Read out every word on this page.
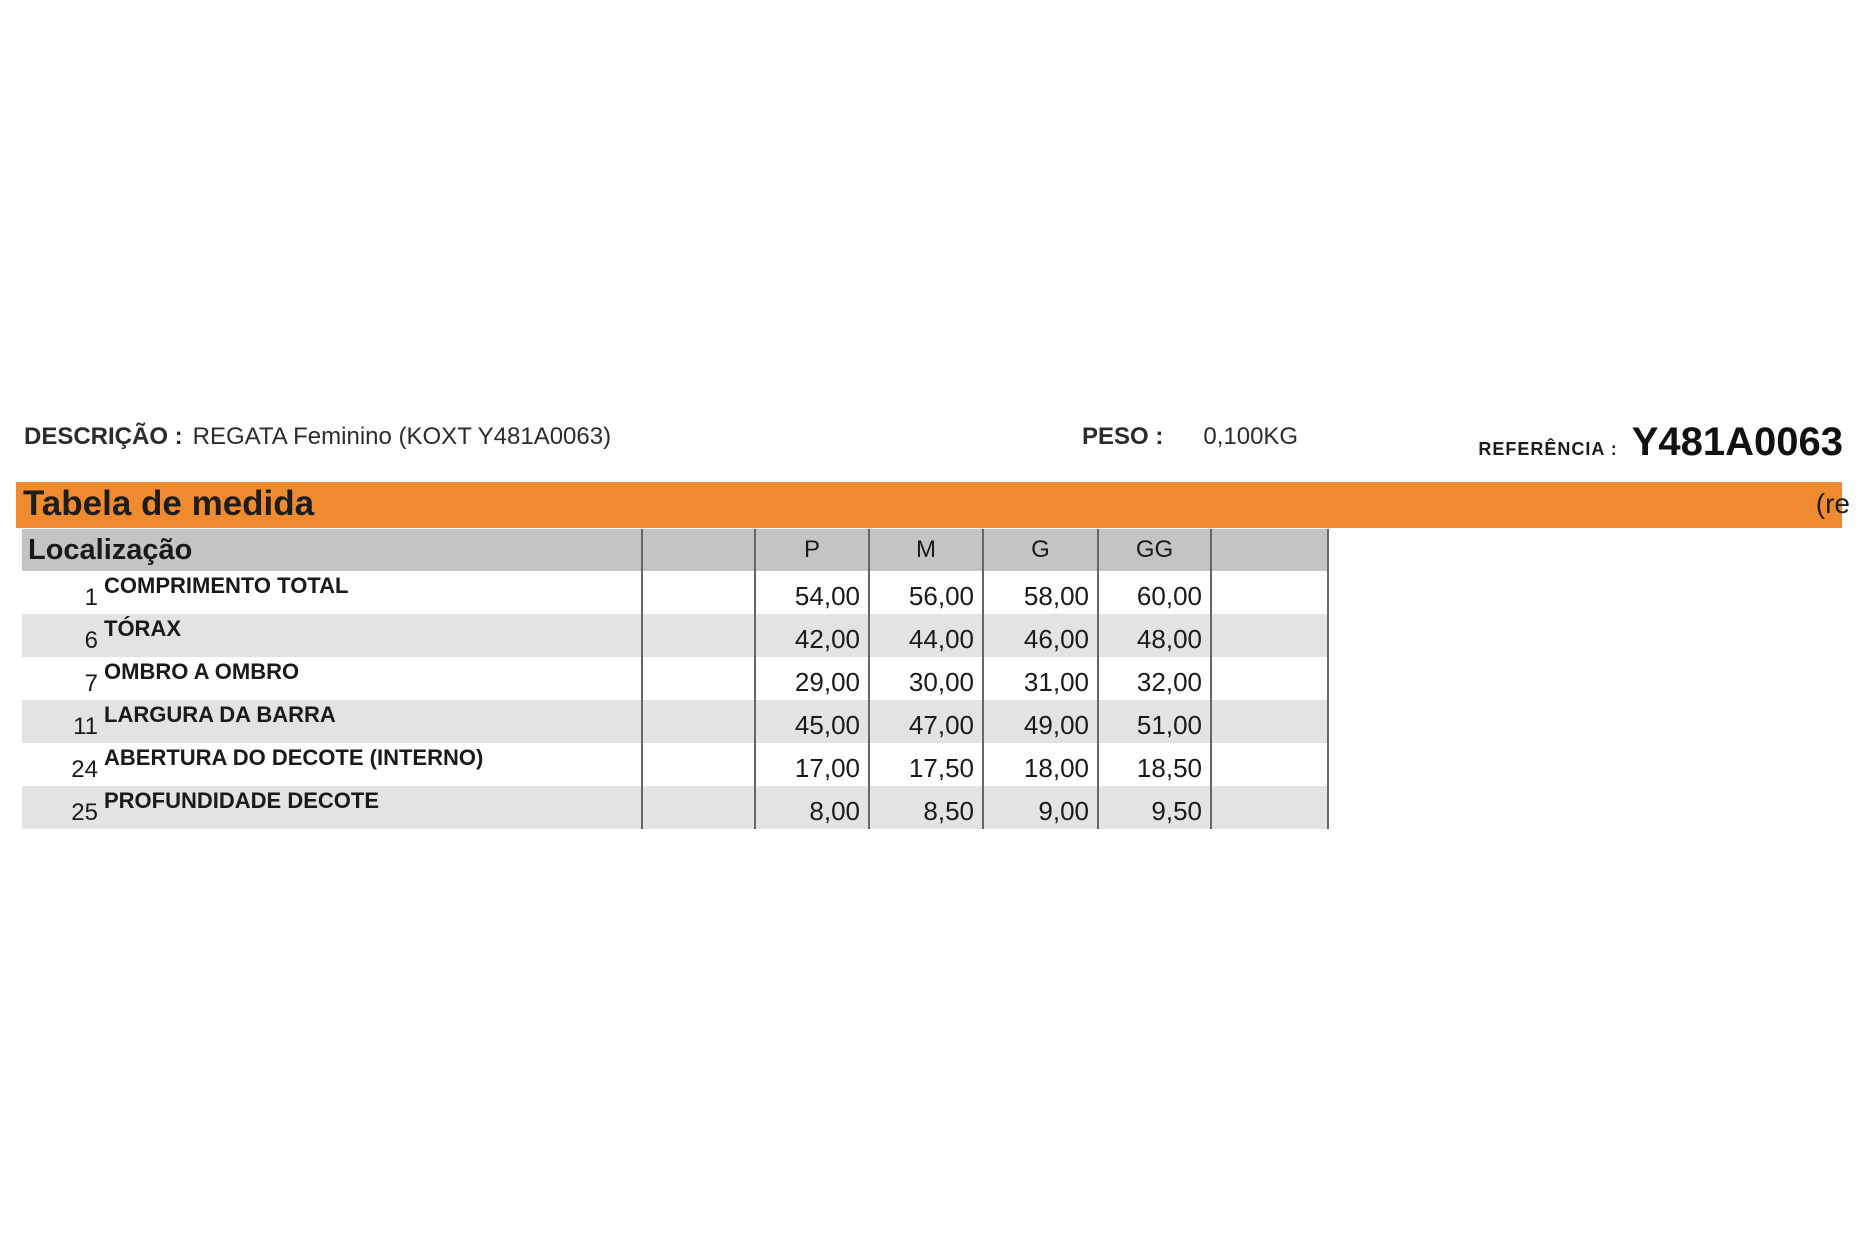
DESCRIÇÃO : REGATA Feminino (KOXT Y481A0063)	PESO : 0,100KG	REFERÊNCIA : Y481A0063
Tabela de medida	(re
Localização		P	M	G	GG	
1 COMPRIMENTO TOTAL		54,00	56,00	58,00	60,00	
6 TÓRAX		42,00	44,00	46,00	48,00	
7 OMBRO A OMBRO		29,00	30,00	31,00	32,00	
11 LARGURA DA BARRA		45,00	47,00	49,00	51,00	
24 ABERTURA DO DECOTE (INTERNO)		17,00	17,50	18,00	18,50	
25 PROFUNDIDADE DECOTE		8,00	8,50	9,00	9,50	
